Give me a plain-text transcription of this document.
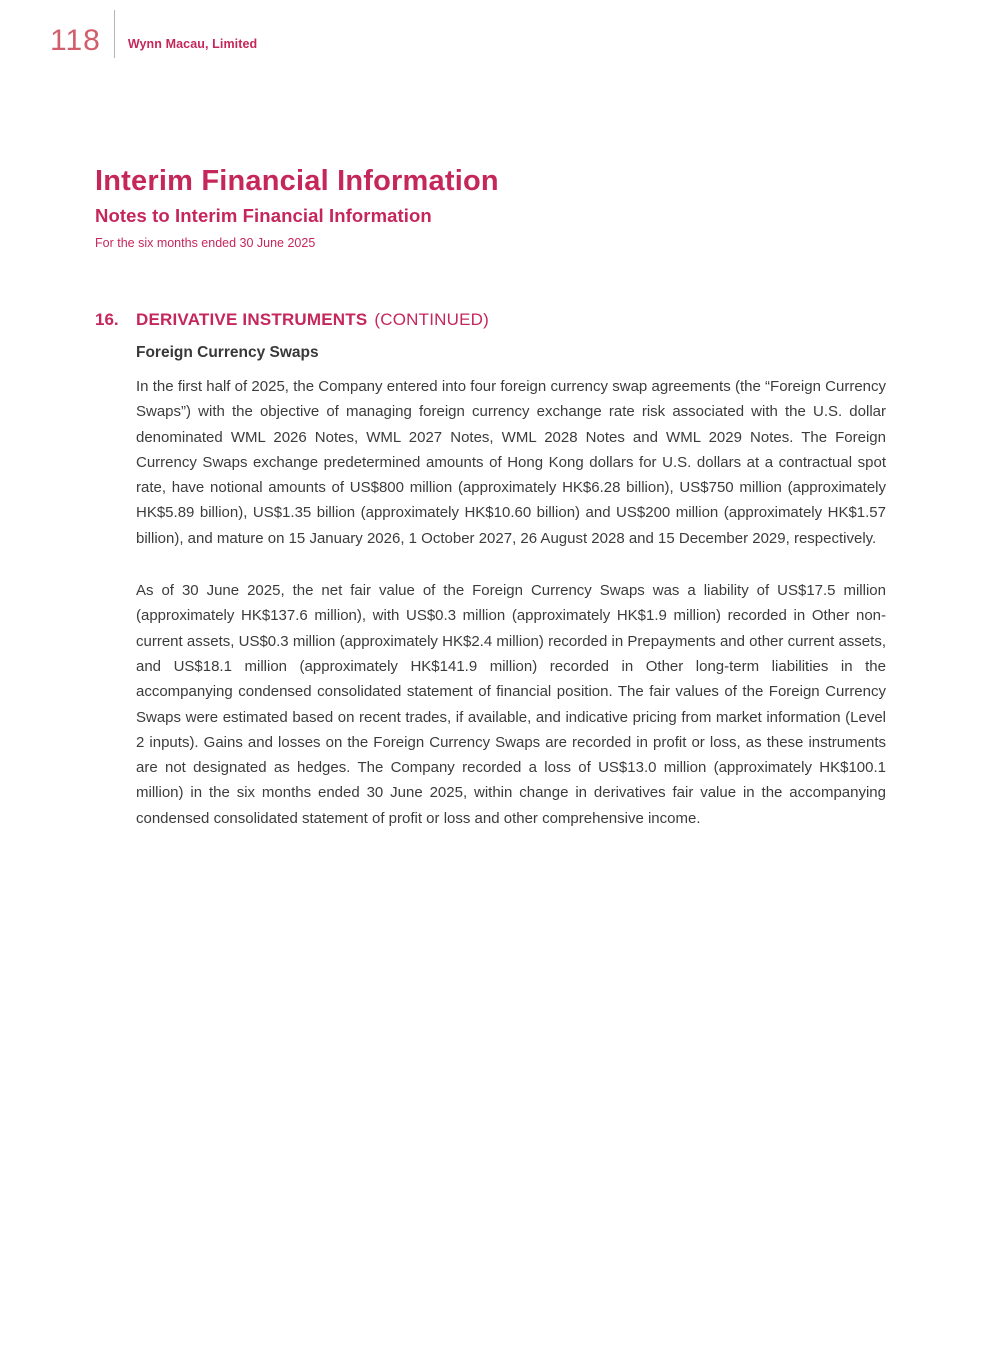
118 Wynn Macau, Limited
Interim Financial Information
Notes to Interim Financial Information
For the six months ended 30 June 2025
16.	DERIVATIVE INSTRUMENTS (CONTINUED)
Foreign Currency Swaps

In the first half of 2025, the Company entered into four foreign currency swap agreements (the “Foreign Currency Swaps”) with the objective of managing foreign currency exchange rate risk associated with the U.S. dollar denominated WML 2026 Notes, WML 2027 Notes, WML 2028 Notes and WML 2029 Notes. The Foreign Currency Swaps exchange predetermined amounts of Hong Kong dollars for U.S. dollars at a contractual spot rate, have notional amounts of US$800 million (approximately HK$6.28 billion), US$750 million (approximately HK$5.89 billion), US$1.35 billion (approximately HK$10.60 billion) and US$200 million (approximately HK$1.57 billion), and mature on 15 January 2026, 1 October 2027, 26 August 2028 and 15 December 2029, respectively.

As of 30 June 2025, the net fair value of the Foreign Currency Swaps was a liability of US$17.5 million (approximately HK$137.6 million), with US$0.3 million (approximately HK$1.9 million) recorded in Other non-current assets, US$0.3 million (approximately HK$2.4 million) recorded in Prepayments and other current assets, and US$18.1 million (approximately HK$141.9 million) recorded in Other long-term liabilities in the accompanying condensed consolidated statement of financial position. The fair values of the Foreign Currency Swaps were estimated based on recent trades, if available, and indicative pricing from market information (Level 2 inputs). Gains and losses on the Foreign Currency Swaps are recorded in profit or loss, as these instruments are not designated as hedges. The Company recorded a loss of US$13.0 million (approximately HK$100.1 million) in the six months ended 30 June 2025, within change in derivatives fair value in the accompanying condensed consolidated statement of profit or loss and other comprehensive income.
